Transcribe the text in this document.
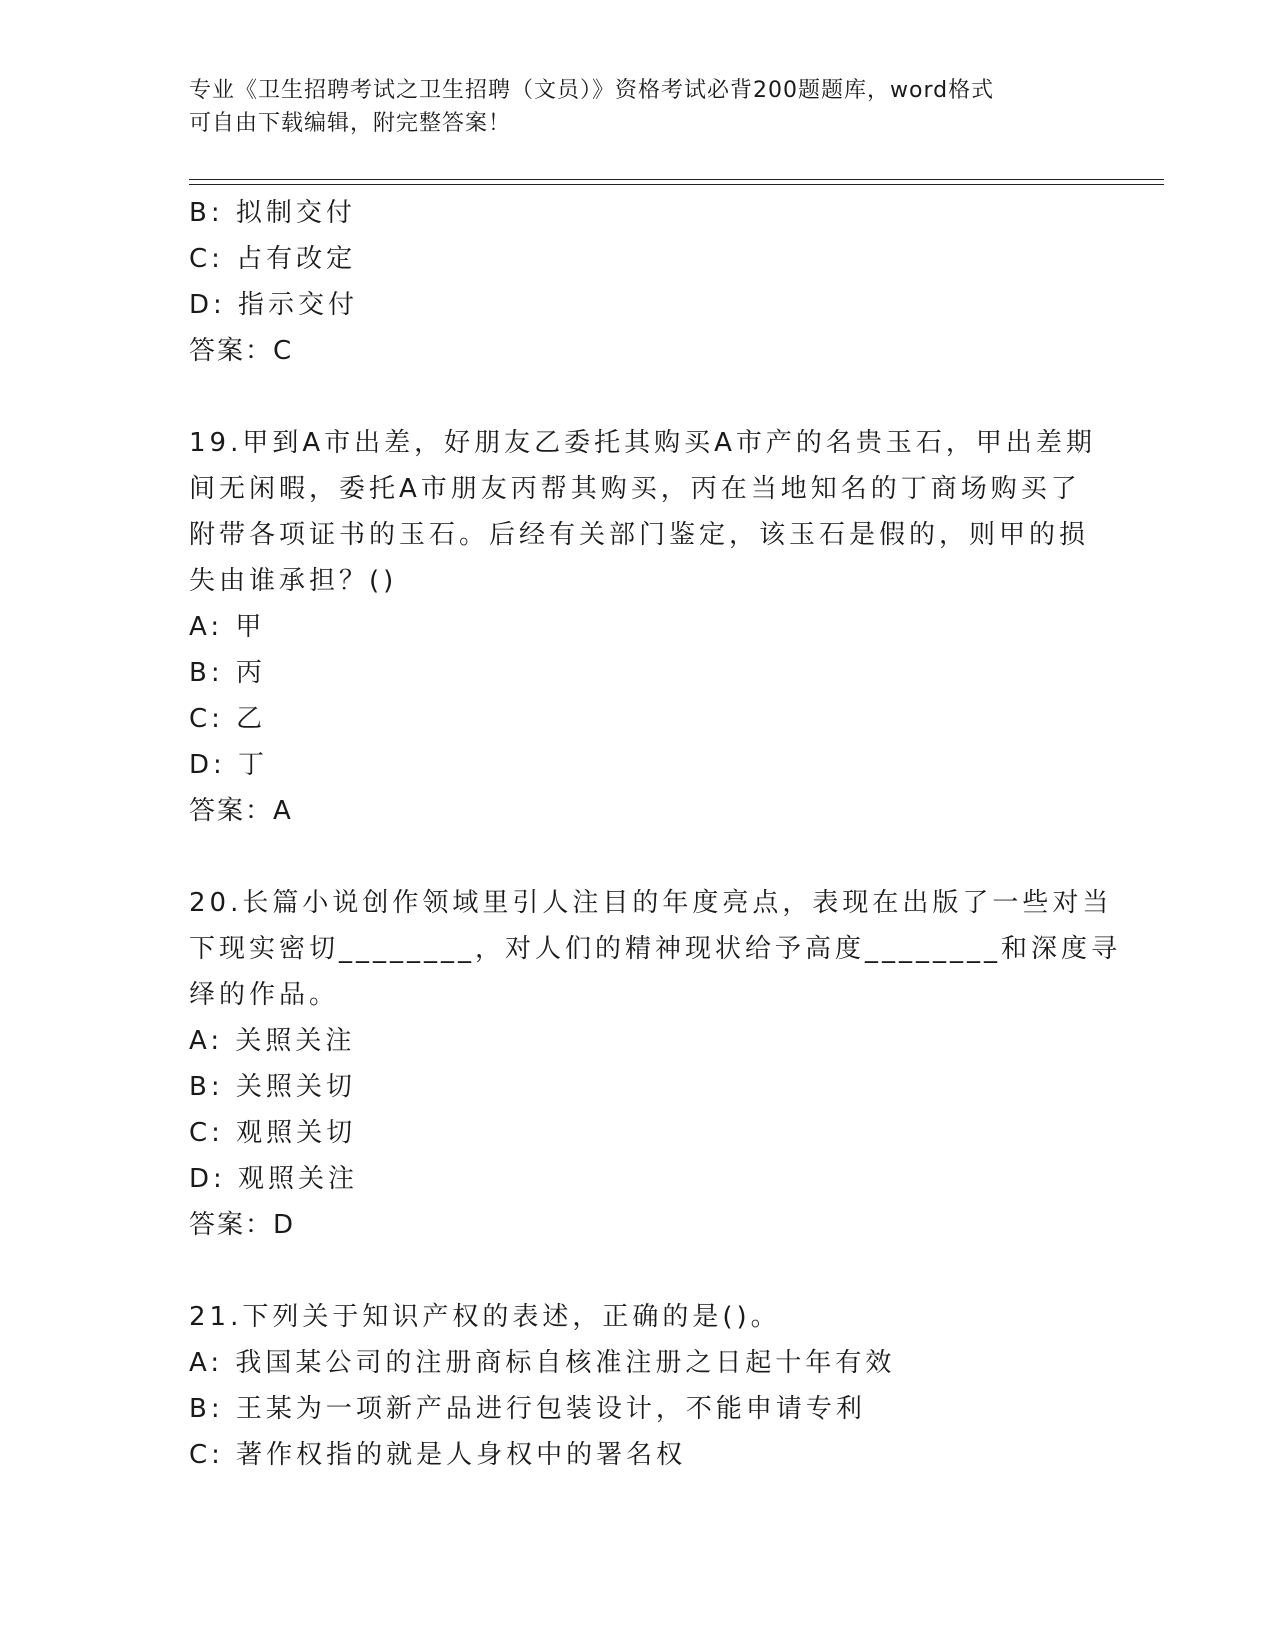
专业《卫生招聘考试之卫生招聘（文员）》资格考试必背200题题库，word格式
可自由下载编辑，附完整答案！
B: 拟制交付
C: 占有改定
D: 指示交付
答案：C
19.甲到A市出差，好朋友乙委托其购买A市产的名贵玉石，甲出差期
间无闲暇，委托A市朋友丙帮其购买，丙在当地知名的丁商场购买了
附带各项证书的玉石。后经有关部门鉴定，该玉石是假的，则甲的损
失由谁承担？()
A: 甲
B: 丙
C: 乙
D: 丁
答案：A
20.长篇小说创作领域里引人注目的年度亮点，表现在出版了一些对当
下现实密切________，对人们的精神现状给予高度________和深度寻
绎的作品。
A: 关照关注
B: 关照关切
C: 观照关切
D: 观照关注
答案：D
21.下列关于知识产权的表述，正确的是()。
A: 我国某公司的注册商标自核准注册之日起十年有效
B: 王某为一项新产品进行包装设计，不能申请专利
C: 著作权指的就是人身权中的署名权
